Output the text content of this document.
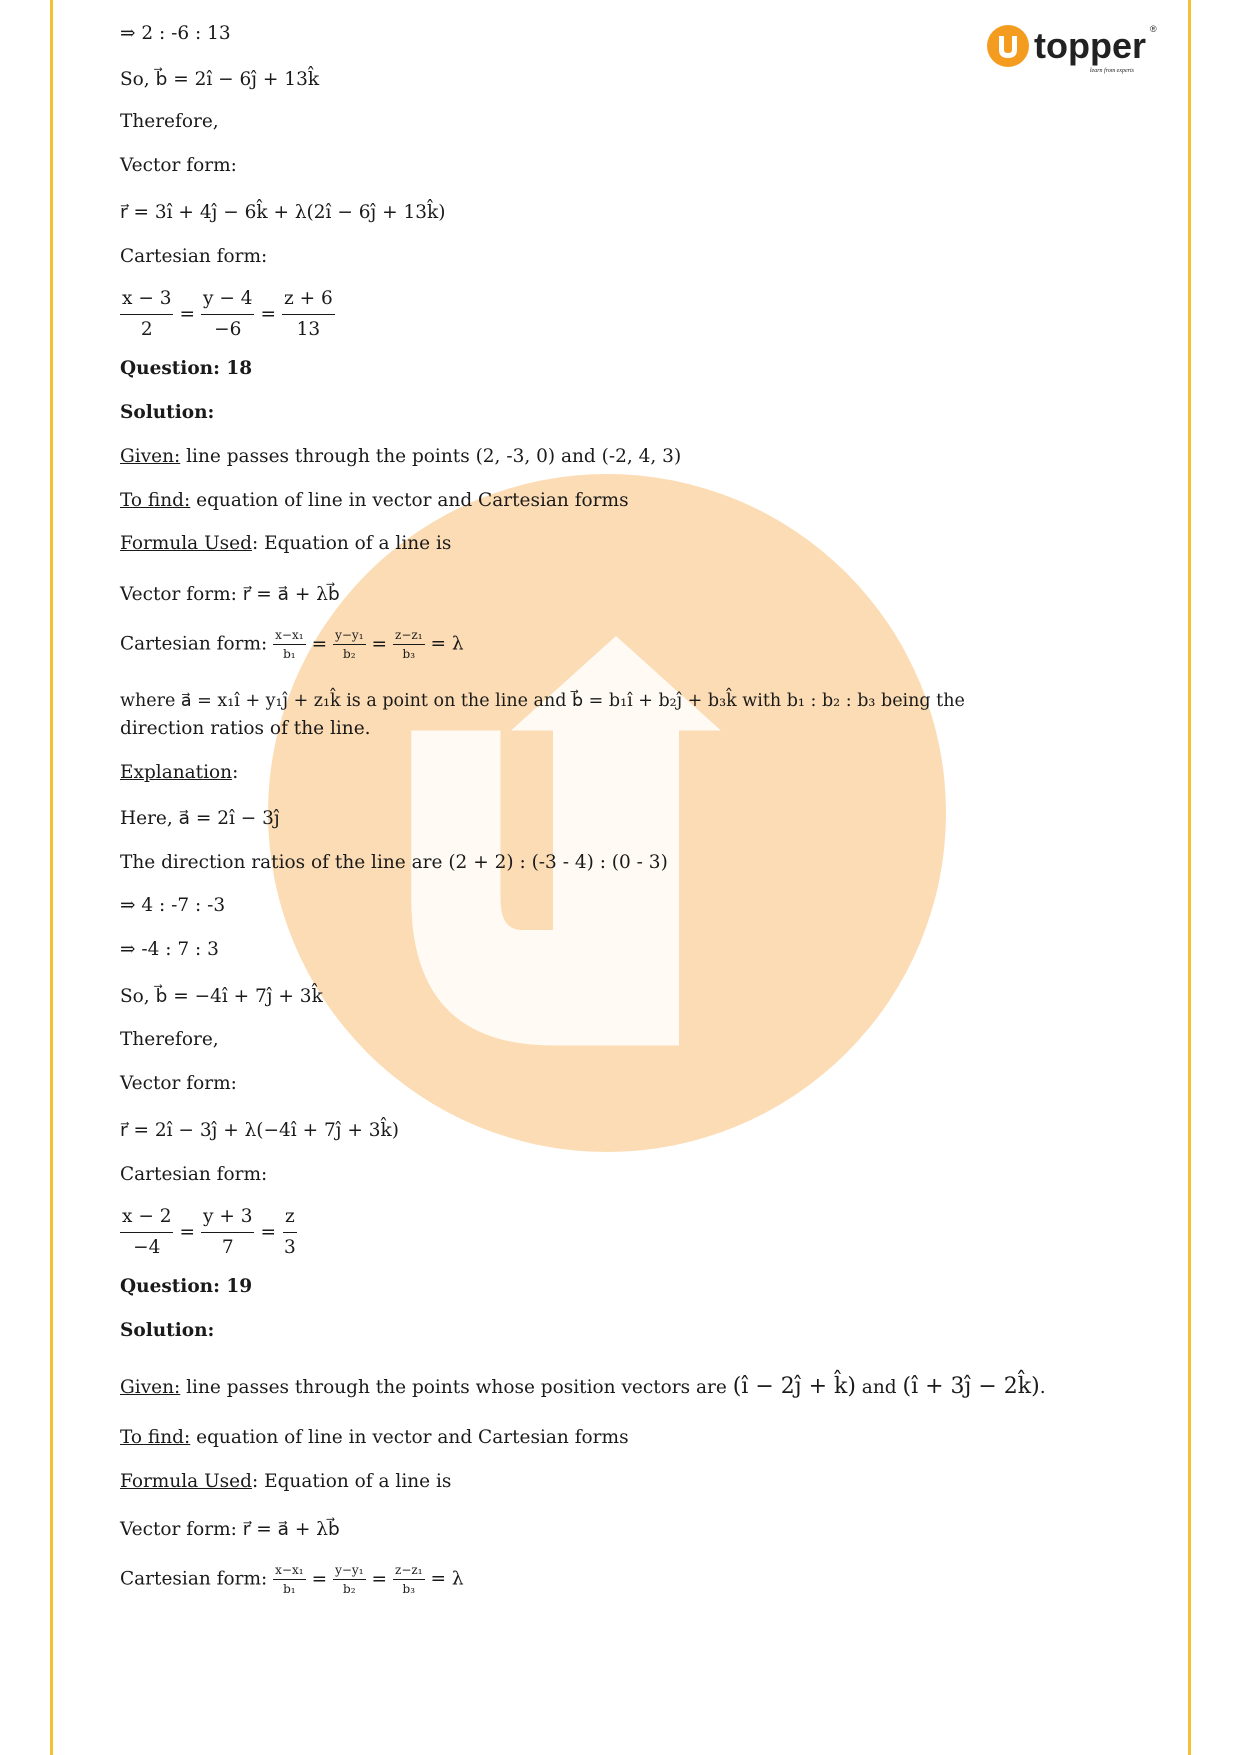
topper
learn from experts
®
⇒ 2 : -6 : 13
So, b⃗ = 2î − 6ĵ + 13k̂
Therefore,
Vector form:
r⃗ = 3î + 4ĵ − 6k̂ + λ(2î − 6ĵ + 13k̂)
Cartesian form:
$\frac{x - 3}{2} = \frac{y - 4}{-6} = \frac{z + 6}{13}$
Question: 18
Solution:
Given: line passes through the points (2, -3, 0) and (-2, 4, 3)
To find: equation of line in vector and Cartesian forms
Formula Used: Equation of a line is
Vector form: r⃗ = a⃗ + λb⃗
Cartesian form: $\frac{\text{x−x₁}}{\text{b₁}} = \frac{\text{y−y₁}}{\text{b₂}} = \frac{\text{z−z₁}}{\text{b₃}} = \lambda$
where a⃗ = x₁î + y₁ĵ + z₁k̂ is a point on the line and b⃗ = b₁î + b₂ĵ + b₃k̂ with b₁ : b₂ : b₃ being the
direction ratios of the line.
Explanation:
Here, a⃗ = 2î − 3ĵ
The direction ratios of the line are (2 + 2) : (-3 - 4) : (0 - 3)
⇒ 4 : -7 : -3
⇒ -4 : 7 : 3
So, b⃗ = −4î + 7ĵ + 3k̂
Therefore,
Vector form:
r⃗ = 2î − 3ĵ + λ(−4î + 7ĵ + 3k̂)
Cartesian form:
$\frac{x - 2}{-4} = \frac{y + 3}{7} = \frac{z}{3}$
Question: 19
Solution:
Given: line passes through the points whose position vectors are (î − 2ĵ + k̂) and (î + 3ĵ − 2k̂).
To find: equation of line in vector and Cartesian forms
Formula Used: Equation of a line is
Vector form: r⃗ = a⃗ + λb⃗
Cartesian form: $\frac{\text{x−x₁}}{\text{b₁}} = \frac{\text{y−y₁}}{\text{b₂}} = \frac{\text{z−z₁}}{\text{b₃}} = \lambda$
